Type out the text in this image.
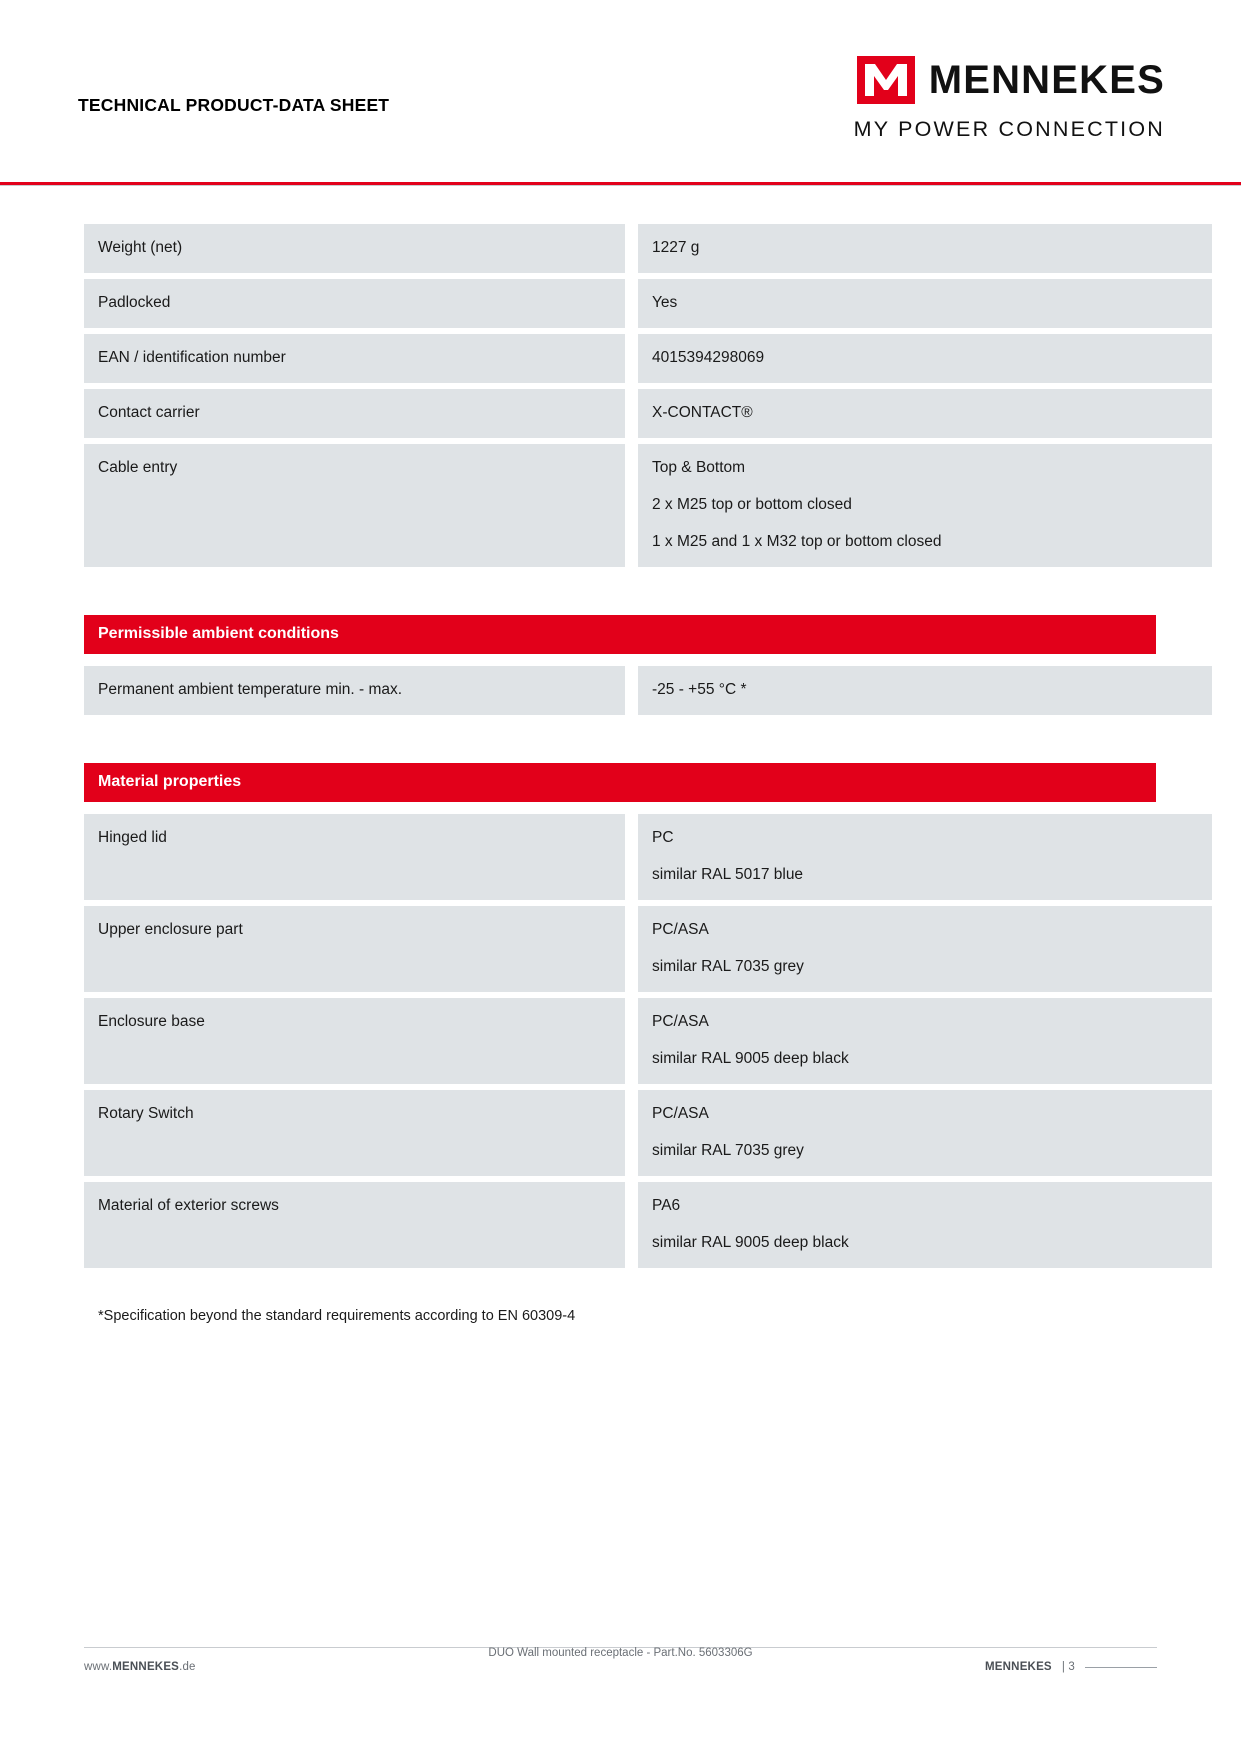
TECHNICAL PRODUCT-DATA SHEET
MENNEKES
MY POWER CONNECTION
Weight (net)		1227 g

Padlocked		Yes

EAN / identification number		4015394298069

Contact carrier		X-CONTACT®

Cable entry		Top & Bottom
2 x M25 top or bottom closed
1 x M25 and 1 x M32 top or bottom closed
Permissible ambient conditions
Permanent ambient temperature min. - max.		-25 - +55 °C *
Material properties
Hinged lid		PC
similar RAL 5017 blue

Upper enclosure part		PC/ASA
similar RAL 7035 grey

Enclosure base		PC/ASA
similar RAL 9005 deep black

Rotary Switch		PC/ASA
similar RAL 7035 grey

Material of exterior screws		PA6
similar RAL 9005 deep black
*Specification beyond the standard requirements according to EN 60309-4
DUO Wall mounted receptacle - Part.No. 5603306G
www.MENNEKES.de	MENNEKES | 3
